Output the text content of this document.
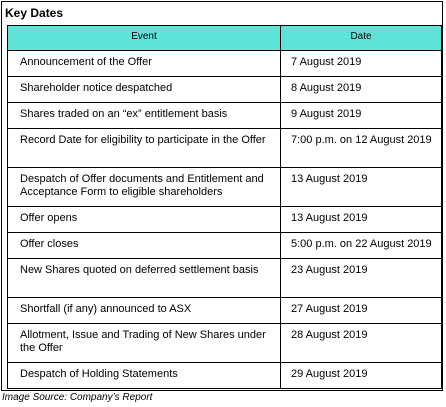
Key Dates
Event	Date
Announcement of the Offer	7 August 2019
Shareholder notice despatched	8 August 2019
Shares traded on an “ex” entitlement basis	9 August 2019
Record Date for eligibility to participate in the Offer	7:00 p.m. on 12 August 2019
Despatch of Offer documents and Entitlement and Acceptance Form to eligible shareholders	13 August 2019
Offer opens	13 August 2019
Offer closes	5:00 p.m. on 22 August 2019
New Shares quoted on deferred settlement basis	23 August 2019
Shortfall (if any) announced to ASX	27 August 2019
Allotment, Issue and Trading of New Shares under the Offer	28 August 2019
Despatch of Holding Statements	29 August 2019
Image Source: Company’s Report
